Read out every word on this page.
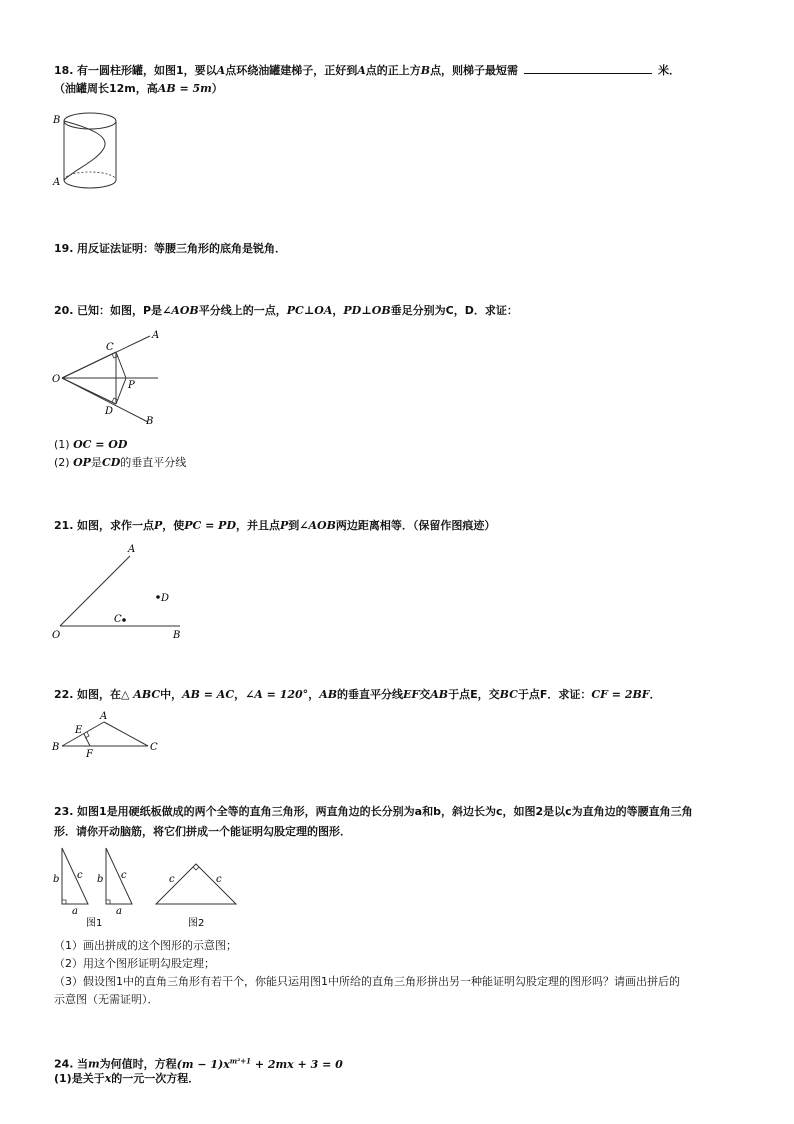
18. 有一圆柱形罐，如图1，要以A点环绕油罐建梯子，正好到A点的正上方B点，则梯子最短需	米．
（油罐周长12m，高AB = 5m）
B
A
19. 用反证法证明：等腰三角形的底角是锐角．
20. 已知：如图，P是∠AOB平分线上的一点，PC⊥OA，PD⊥OB垂足分别为C，D．求证：
O
A
B
C
D
P
(1) OC = OD
(2) OP是CD的垂直平分线
21. 如图，求作一点P，使PC = PD，并且点P到∠AOB两边距离相等．（保留作图痕迹）
O
A
B
D
C
22. 如图，在△ ABC中，AB = AC，∠A = 120°，AB的垂直平分线EF交AB于点E，交BC于点F．求证：CF = 2BF．
A
B	C
E
F
23. 如图1是用硬纸板做成的两个全等的直角三角形，两直角边的长分别为a和b，斜边长为c，如图2是以c为直角边的等腰直角三角
形．请你开动脑筋，将它们拼成一个能证明勾股定理的图形．
b c
a
b c
a
c	c
图1	图2
（1）画出拼成的这个图形的示意图；
（2）用这个图形证明勾股定理；
（3）假设图1中的直角三角形有若干个，你能只运用图1中所给的直角三角形拼出另一种能证明勾股定理的图形吗？请画出拼后的
示意图（无需证明）．
24. 当m为何值时，方程$(m - 1)x^{m^2+1} + 2mx + 3 = 0$
(1)是关于x的一元一次方程．
